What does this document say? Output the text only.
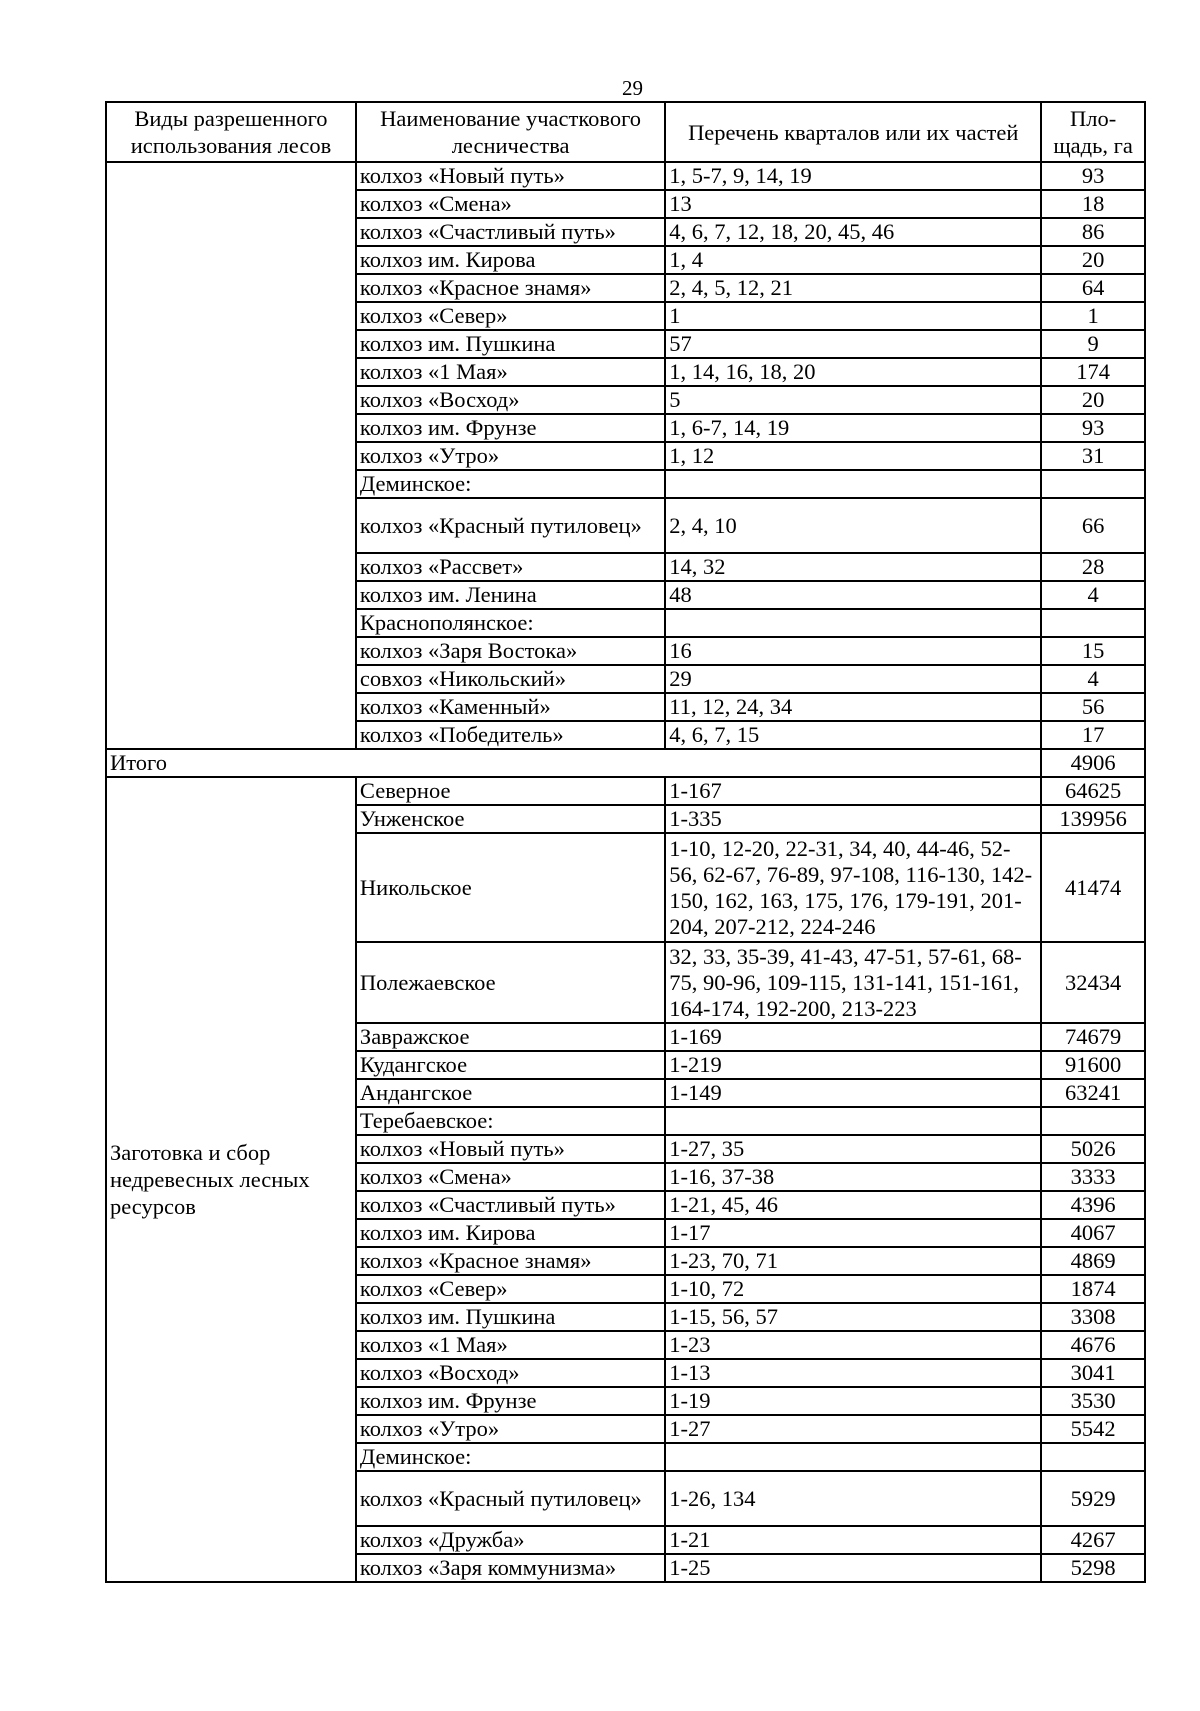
29
Виды разрешенного использования лесов	Наименование участкового лесничества	Перечень кварталов или их частей	Пло-щадь, га
	колхоз «Новый путь»	1, 5-7, 9, 14, 19	93
	колхоз «Смена»	13	18
	колхоз «Счастливый путь»	4, 6, 7, 12, 18, 20, 45, 46	86
	колхоз им. Кирова	1, 4	20
	колхоз «Красное знамя»	2, 4, 5, 12, 21	64
	колхоз «Север»	1	1
	колхоз им. Пушкина	57	9
	колхоз «1 Мая»	1, 14, 16, 18, 20	174
	колхоз «Восход»	5	20
	колхоз им. Фрунзе	1, 6-7, 14, 19	93
	колхоз «Утро»	1, 12	31
	Деминское:		
	колхоз «Красный путиловец»	2, 4, 10	66
	колхоз «Рассвет»	14, 32	28
	колхоз им. Ленина	48	4
	Краснополянское:		
	колхоз «Заря Востока»	16	15
	совхоз «Никольский»	29	4
	колхоз «Каменный»	11, 12, 24, 34	56
	колхоз «Победитель»	4, 6, 7, 15	17
Итого			4906
Заготовка и сбор недревесных лесных ресурсов	Северное	1-167	64625
	Унженское	1-335	139956
	Никольское	1-10, 12-20, 22-31, 34, 40, 44-46, 52-56, 62-67, 76-89, 97-108, 116-130, 142-150, 162, 163, 175, 176, 179-191, 201-204, 207-212, 224-246	41474
	Полежаевское	32, 33, 35-39, 41-43, 47-51, 57-61, 68-75, 90-96, 109-115, 131-141, 151-161, 164-174, 192-200, 213-223	32434
	Завражское	1-169	74679
	Кудангское	1-219	91600
	Андангское	1-149	63241
	Теребаевское:		
	колхоз «Новый путь»	1-27, 35	5026
	колхоз «Смена»	1-16, 37-38	3333
	колхоз «Счастливый путь»	1-21, 45, 46	4396
	колхоз им. Кирова	1-17	4067
	колхоз «Красное знамя»	1-23, 70, 71	4869
	колхоз «Север»	1-10, 72	1874
	колхоз им. Пушкина	1-15, 56, 57	3308
	колхоз «1 Мая»	1-23	4676
	колхоз «Восход»	1-13	3041
	колхоз им. Фрунзе	1-19	3530
	колхоз «Утро»	1-27	5542
	Деминское:		
	колхоз «Красный путиловец»	1-26, 134	5929
	колхоз «Дружба»	1-21	4267
	колхоз «Заря коммунизма»	1-25	5298
